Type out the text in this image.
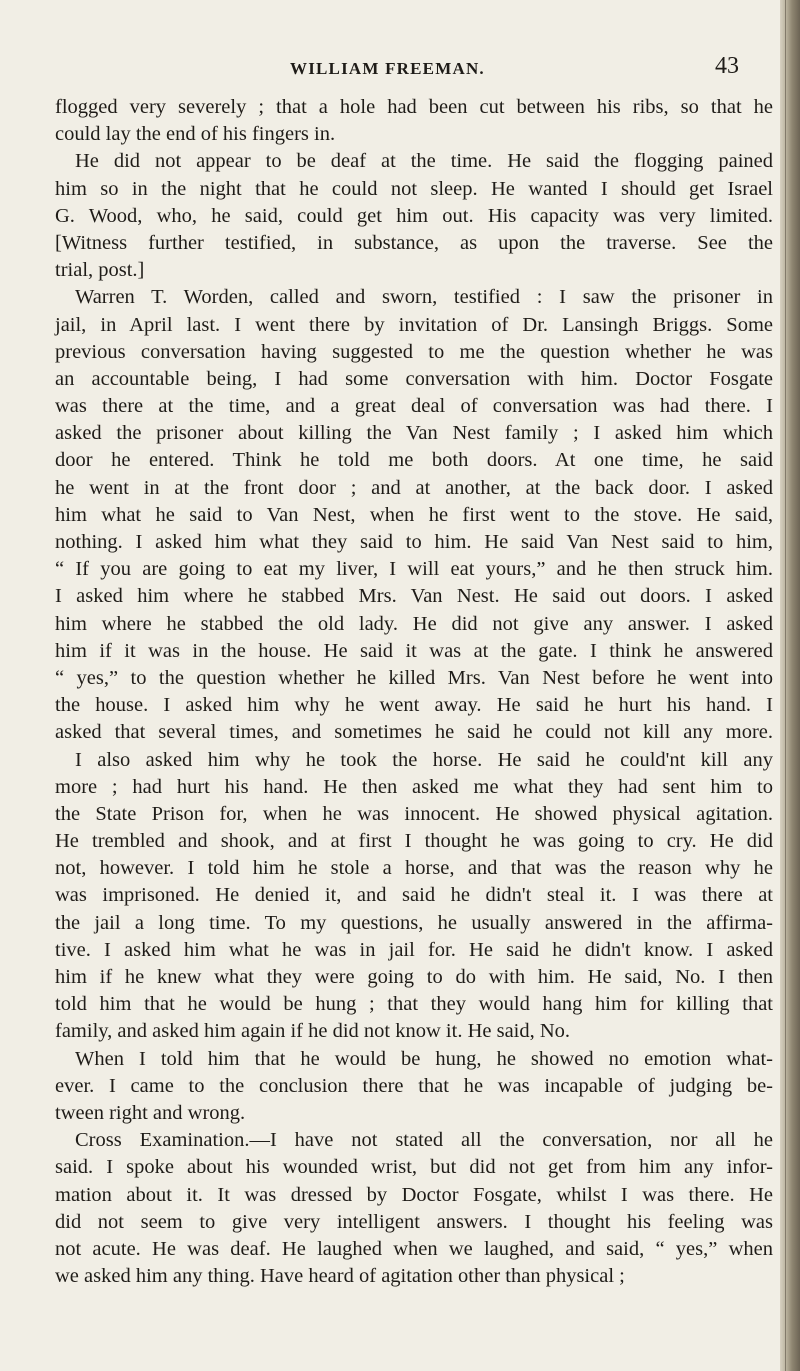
WILLIAM FREEMAN.	43
flogged very severely ; that a hole had been cut between his ribs, so that he
could lay the end of his fingers in.
He did not appear to be deaf at the time. He said the flogging pained
him so in the night that he could not sleep. He wanted I should get Israel
G. Wood, who, he said, could get him out. His capacity was very limited.
[Witness further testified, in substance, as upon the traverse. See the
trial, post.]
Warren T. Worden, called and sworn, testified : I saw the prisoner in
jail, in April last. I went there by invitation of Dr. Lansingh Briggs. Some
previous conversation having suggested to me the question whether he was
an accountable being, I had some conversation with him. Doctor Fosgate
was there at the time, and a great deal of conversation was had there. I
asked the prisoner about killing the Van Nest family ; I asked him which
door he entered. Think he told me both doors. At one time, he said
he went in at the front door ; and at another, at the back door. I asked
him what he said to Van Nest, when he first went to the stove. He said,
nothing. I asked him what they said to him. He said Van Nest said to him,
“ If you are going to eat my liver, I will eat yours,” and he then struck him.
I asked him where he stabbed Mrs. Van Nest. He said out doors. I asked
him where he stabbed the old lady. He did not give any answer. I asked
him if it was in the house. He said it was at the gate. I think he answered
“ yes,” to the question whether he killed Mrs. Van Nest before he went into
the house. I asked him why he went away. He said he hurt his hand. I
asked that several times, and sometimes he said he could not kill any more.
I also asked him why he took the horse. He said he could'nt kill any
more ; had hurt his hand. He then asked me what they had sent him to
the State Prison for, when he was innocent. He showed physical agitation.
He trembled and shook, and at first I thought he was going to cry. He did
not, however. I told him he stole a horse, and that was the reason why he
was imprisoned. He denied it, and said he didn't steal it. I was there at
the jail a long time. To my questions, he usually answered in the affirma-
tive. I asked him what he was in jail for. He said he didn't know. I asked
him if he knew what they were going to do with him. He said, No. I then
told him that he would be hung ; that they would hang him for killing that
family, and asked him again if he did not know it. He said, No.
When I told him that he would be hung, he showed no emotion what-
ever. I came to the conclusion there that he was incapable of judging be-
tween right and wrong.
Cross Examination.—I have not stated all the conversation, nor all he
said. I spoke about his wounded wrist, but did not get from him any infor-
mation about it. It was dressed by Doctor Fosgate, whilst I was there. He
did not seem to give very intelligent answers. I thought his feeling was
not acute. He was deaf. He laughed when we laughed, and said, “ yes,” when
we asked him any thing. Have heard of agitation other than physical ;
